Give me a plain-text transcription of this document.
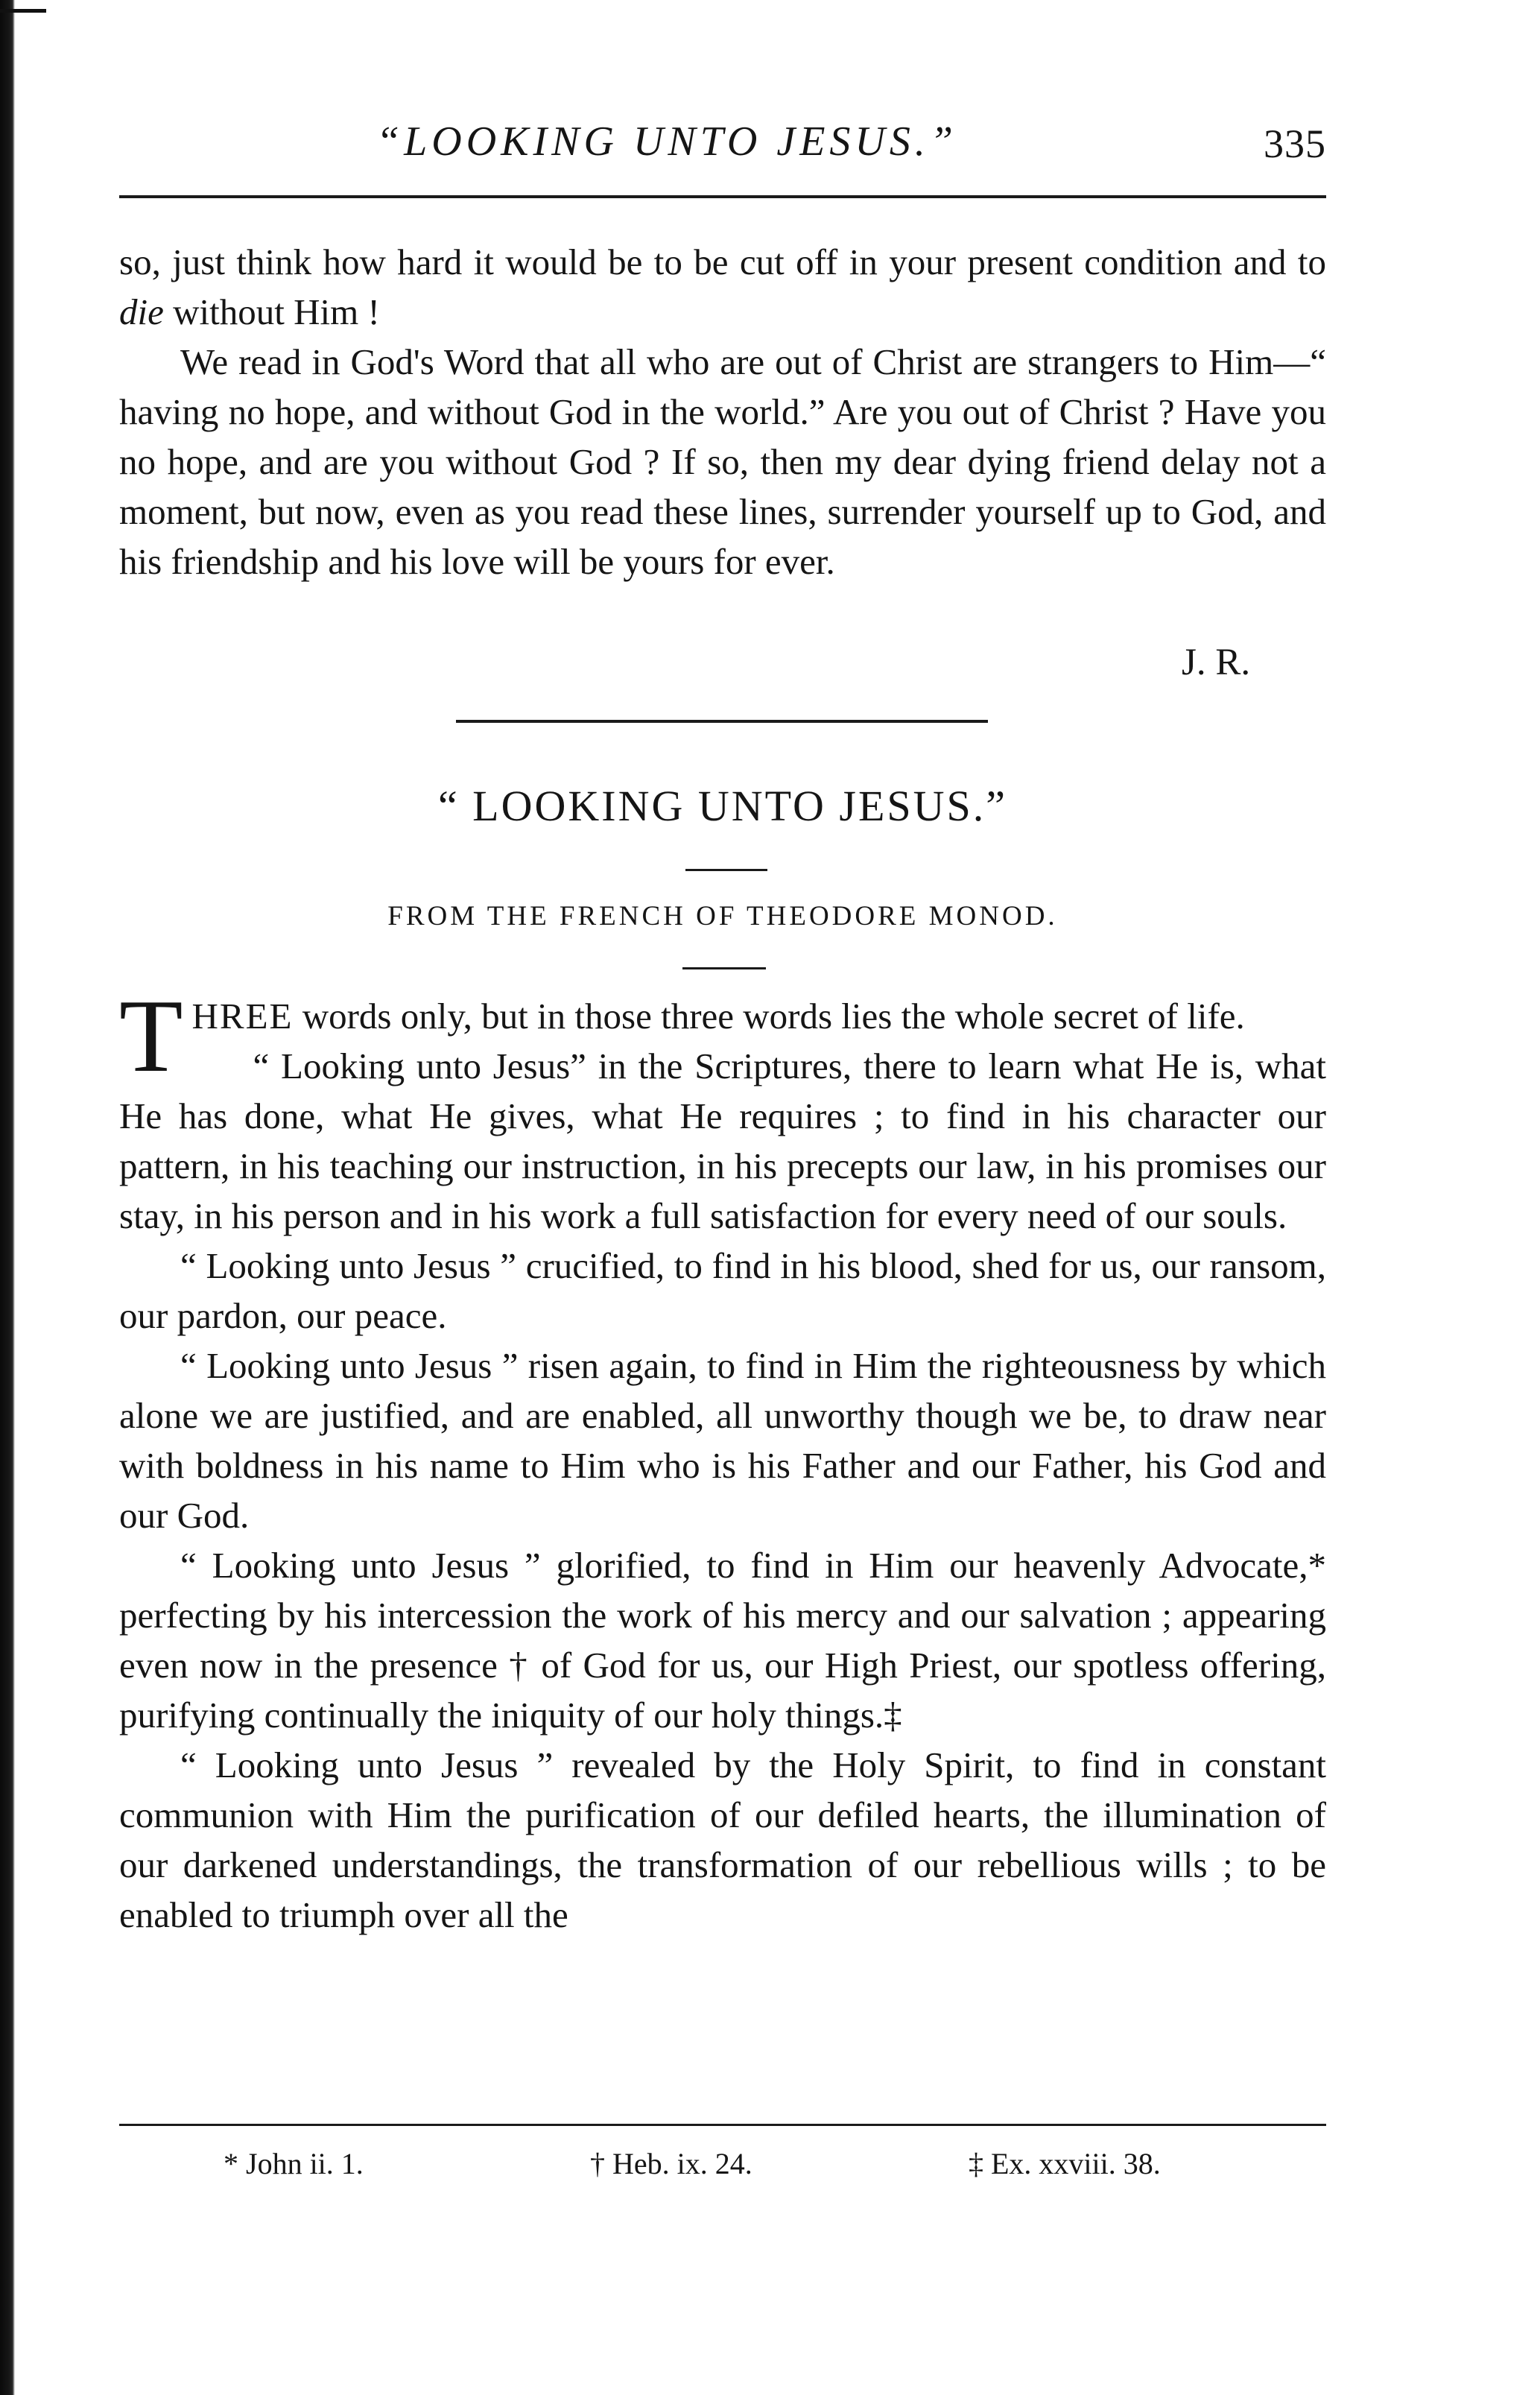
“LOOKING UNTO JESUS.”	335

so, just think how hard it would be to be cut off in your present condition and to die without Him !

We read in God's Word that all who are out of Christ are strangers to Him—“ having no hope, and without God in the world.” Are you out of Christ ? Have you no hope, and are you without God ? If so, then my dear dying friend delay not a moment, but now, even as you read these lines, surrender yourself up to God, and his friendship and his love will be yours for ever.

J. R.
“ LOOKING UNTO JESUS.”
FROM THE FRENCH OF THEODORE MONOD.

THREE words only, but in those three words lies the whole secret of life.

“ Looking unto Jesus” in the Scriptures, there to learn what He is, what He has done, what He gives, what He requires ; to find in his character our pattern, in his teaching our instruction, in his precepts our law, in his promises our stay, in his person and in his work a full satisfaction for every need of our souls.

“ Looking unto Jesus ” crucified, to find in his blood, shed for us, our ransom, our pardon, our peace.

“ Looking unto Jesus ” risen again, to find in Him the righteousness by which alone we are justified, and are enabled, all unworthy though we be, to draw near with boldness in his name to Him who is his Father and our Father, his God and our God.

“ Looking unto Jesus ” glorified, to find in Him our heavenly Advocate,* perfecting by his intercession the work of his mercy and our salvation ; appearing even now in the presence † of God for us, our High Priest, our spotless offering, purifying continually the iniquity of our holy things.‡

“ Looking unto Jesus ” revealed by the Holy Spirit, to find in constant communion with Him the purification of our defiled hearts, the illumination of our darkened understandings, the transformation of our rebellious wills ; to be enabled to triumph over all the

* John ii. 1.	† Heb. ix. 24.	‡ Ex. xxviii. 38.
